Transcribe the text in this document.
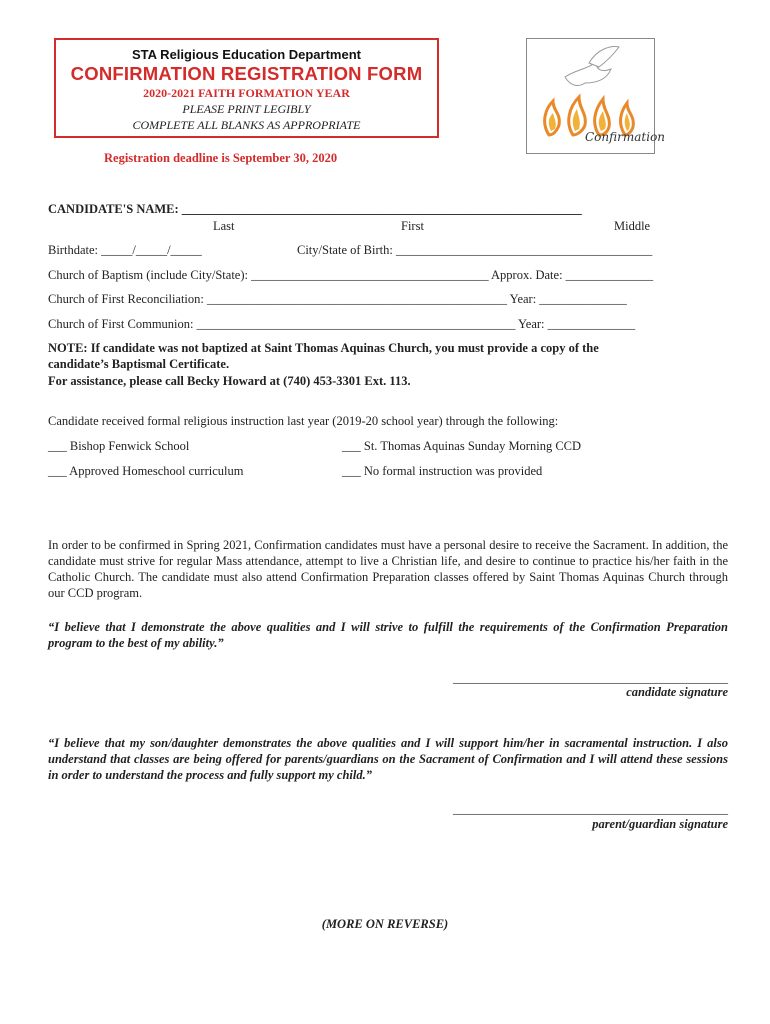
STA Religious Education Department
CONFIRMATION REGISTRATION FORM
2020-2021 FAITH FORMATION YEAR
PLEASE PRINT LEGIBLY
COMPLETE ALL BLANKS AS APPROPRIATE
Confirmation
Registration deadline is September 30, 2020
CANDIDATE'S NAME: ________________________________________________________________
Last	First	Middle
Birthdate: _____/_____/_____	City/State of Birth: _________________________________________
Church of Baptism (include City/State): ______________________________________ Approx. Date: ______________
Church of First Reconciliation: ________________________________________________ Year: ______________
Church of First Communion: ___________________________________________________ Year: ______________
NOTE: If candidate was not baptized at Saint Thomas Aquinas Church, you must provide a copy of the
candidate’s Baptismal Certificate.
For assistance, please call Becky Howard at (740) 453-3301 Ext. 113.
Candidate received formal religious instruction last year (2019-20 school year) through the following:
___ Bishop Fenwick School	___ St. Thomas Aquinas Sunday Morning CCD
___ Approved Homeschool curriculum	___ No formal instruction was provided
In order to be confirmed in Spring 2021, Confirmation candidates must have a personal desire to receive the Sacrament. In addition, the candidate must strive for regular Mass attendance, attempt to live a Christian life, and desire to continue to practice his/her faith in the Catholic Church. The candidate must also attend Confirmation Preparation classes offered by Saint Thomas Aquinas Church through our CCD program.
“I believe that I demonstrate the above qualities and I will strive to fulfill the requirements of the Confirmation Preparation program to the best of my ability.”
____________________________________________
candidate signature
“I believe that my son/daughter demonstrates the above qualities and I will support him/her in sacramental instruction. I also understand that classes are being offered for parents/guardians on the Sacrament of Confirmation and I will attend these sessions in order to understand the process and fully support my child.”
____________________________________________
parent/guardian signature
(MORE ON REVERSE)
